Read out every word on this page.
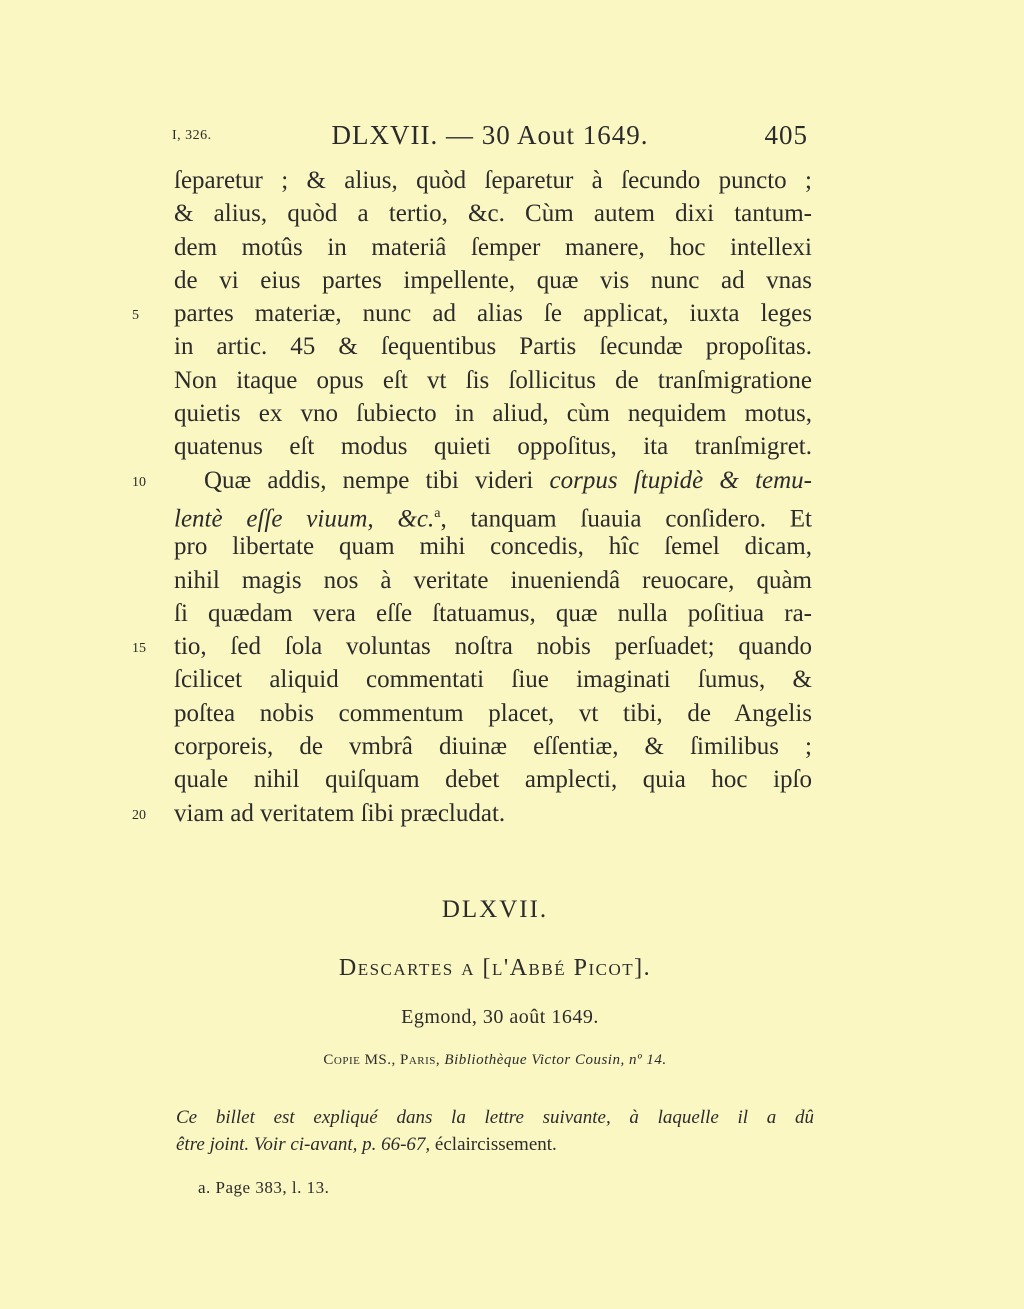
I, 326.	DLXVII. — 30 Aout 1649.	405
ſeparetur ; & alius, quòd ſeparetur à ſecundo puncto ;
& alius, quòd a tertio, &c. Cùm autem dixi tantum-
dem motûs in materiâ ſemper manere, hoc intellexi
de vi eius partes impellente, quæ vis nunc ad vnas
5	partes materiæ, nunc ad alias ſe applicat, iuxta leges
in artic. 45 & ſequentibus Partis ſecundæ propoſitas.
Non itaque opus eſt vt ſis ſollicitus de tranſmigratione
quietis ex vno ſubiecto in aliud, cùm nequidem motus,
quatenus eſt modus quieti oppoſitus, ita tranſmigret.
10	Quæ addis, nempe tibi videri corpus ſtupidè & temu-
lentè eſſe viuum, &c.$^a$, tanquam ſuauia conſidero. Et
pro libertate quam mihi concedis, hîc ſemel dicam,
nihil magis nos à veritate inueniendâ reuocare, quàm
ſi quædam vera eſſe ſtatuamus, quæ nulla poſitiua ra-
15	tio, ſed ſola voluntas noſtra nobis perſuadet; quando
ſcilicet aliquid commentati ſiue imaginati ſumus, &
poſtea nobis commentum placet, vt tibi, de Angelis
corporeis, de vmbrâ diuinæ eſſentiæ, & ſimilibus ;
quale nihil quiſquam debet amplecti, quia hoc ipſo
20	viam ad veritatem ſibi præcludat.
DLXVII.
Descartes a [l'Abbé Picot].
Egmond, 30 août 1649.
Copie MS., Paris, Bibliothèque Victor Cousin, nº 14.
Ce billet est expliqué dans la lettre suivante, à laquelle il a dû
être joint. Voir ci-avant, p. 66-67, éclaircissement.
a. Page 383, l. 13.
